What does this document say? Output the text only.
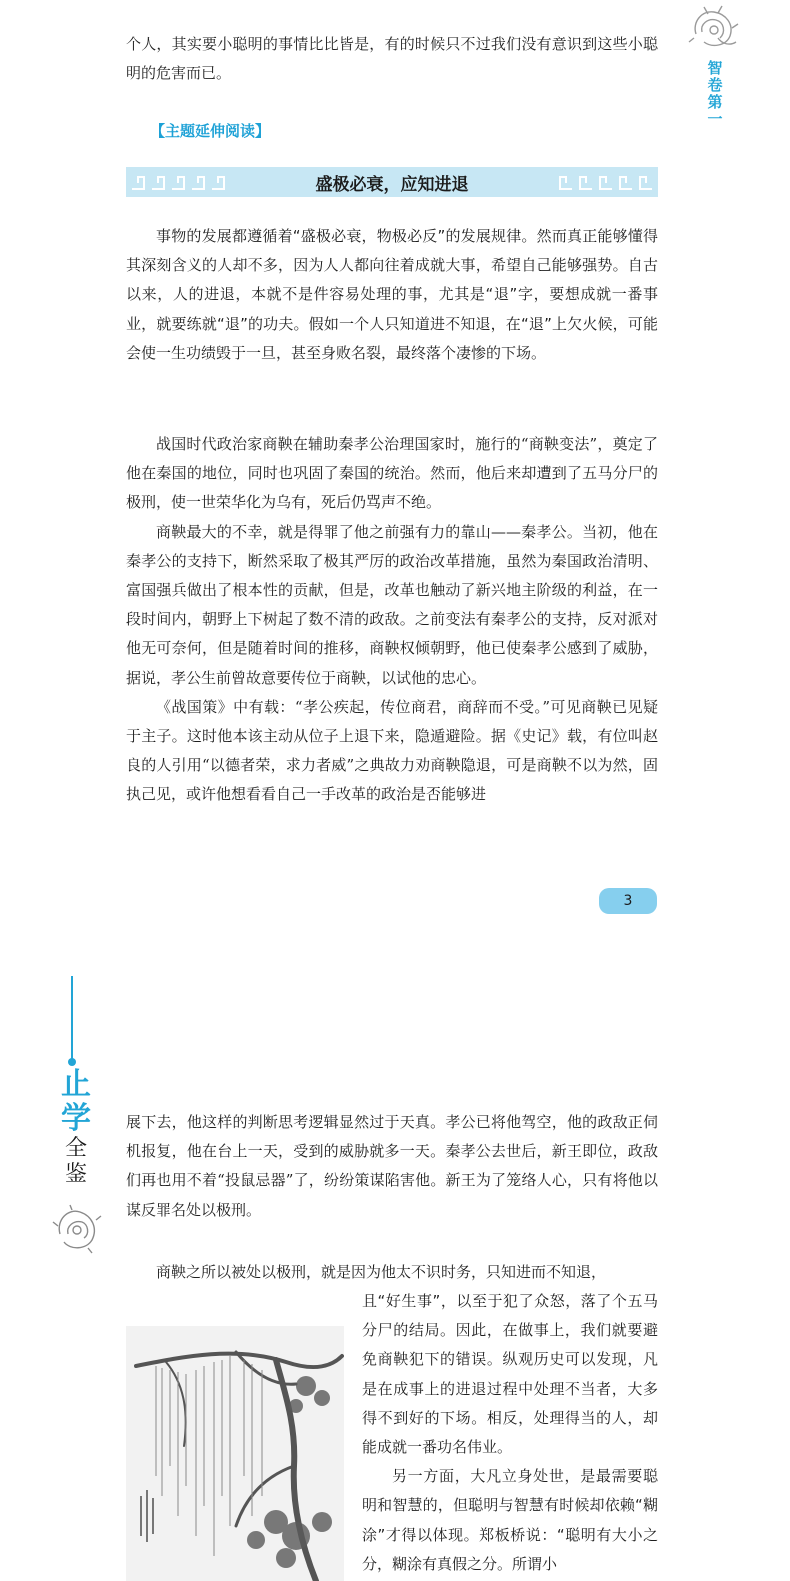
智卷第一

个人，其实要小聪明的事情比比皆是，有的时候只不过我们没有意识到这些小聪明的危害而已。

【主题延伸阅读】
盛极必衰，应知进退

事物的发展都遵循着“盛极必衰，物极必反”的发展规律。然而真正能够懂得其深刻含义的人却不多，因为人人都向往着成就大事，希望自己能够强势。自古以来，人的进退，本就不是件容易处理的事，尤其是“退”字，要想成就一番事业，就要练就“退”的功夫。假如一个人只知道进不知退，在“退”上欠火候，可能会使一生功绩毁于一旦，甚至身败名裂，最终落个凄惨的下场。

战国时代政治家商鞅在辅助秦孝公治理国家时，施行的“商鞅变法”，奠定了他在秦国的地位，同时也巩固了秦国的统治。然而，他后来却遭到了五马分尸的极刑，使一世荣华化为乌有，死后仍骂声不绝。

商鞅最大的不幸，就是得罪了他之前强有力的靠山——秦孝公。当初，他在秦孝公的支持下，断然采取了极其严厉的政治改革措施，虽然为秦国政治清明、富国强兵做出了根本性的贡献，但是，改革也触动了新兴地主阶级的利益，在一段时间内，朝野上下树起了数不清的政敌。之前变法有秦孝公的支持，反对派对他无可奈何，但是随着时间的推移，商鞅权倾朝野，他已使秦孝公感到了威胁，据说，孝公生前曾故意要传位于商鞅，以试他的忠心。

《战国策》中有载：“孝公疾起，传位商君，商辞而不受。”可见商鞅已见疑于主子。这时他本该主动从位子上退下来，隐遁避险。据《史记》载，有位叫赵良的人引用“以德者荣，求力者威”之典故力劝商鞅隐退，可是商鞅不以为然，固执己见，或许他想看看自己一手改革的政治是否能够进

3
止学
全鉴

展下去，他这样的判断思考逻辑显然过于天真。孝公已将他驾空，他的政敌正伺机报复，他在台上一天，受到的威胁就多一天。秦孝公去世后，新王即位，政敌们再也用不着“投鼠忌器”了，纷纷策谋陷害他。新王为了笼络人心，只有将他以谋反罪名处以极刑。

商鞅之所以被处以极刑，就是因为他太不识时务，只知进而不知退，

且“好生事”，以至于犯了众怒，落了个五马分尸的结局。因此，在做事上，我们就要避免商鞅犯下的错误。纵观历史可以发现，凡是在成事上的进退过程中处理不当者，大多得不到好的下场。相反，处理得当的人，却能成就一番功名伟业。

另一方面，大凡立身处世，是最需要聪明和智慧的，但聪明与智慧有时候却依赖“糊涂”才得以体现。郑板桥说：“聪明有大小之分，糊涂有真假之分。所谓小
